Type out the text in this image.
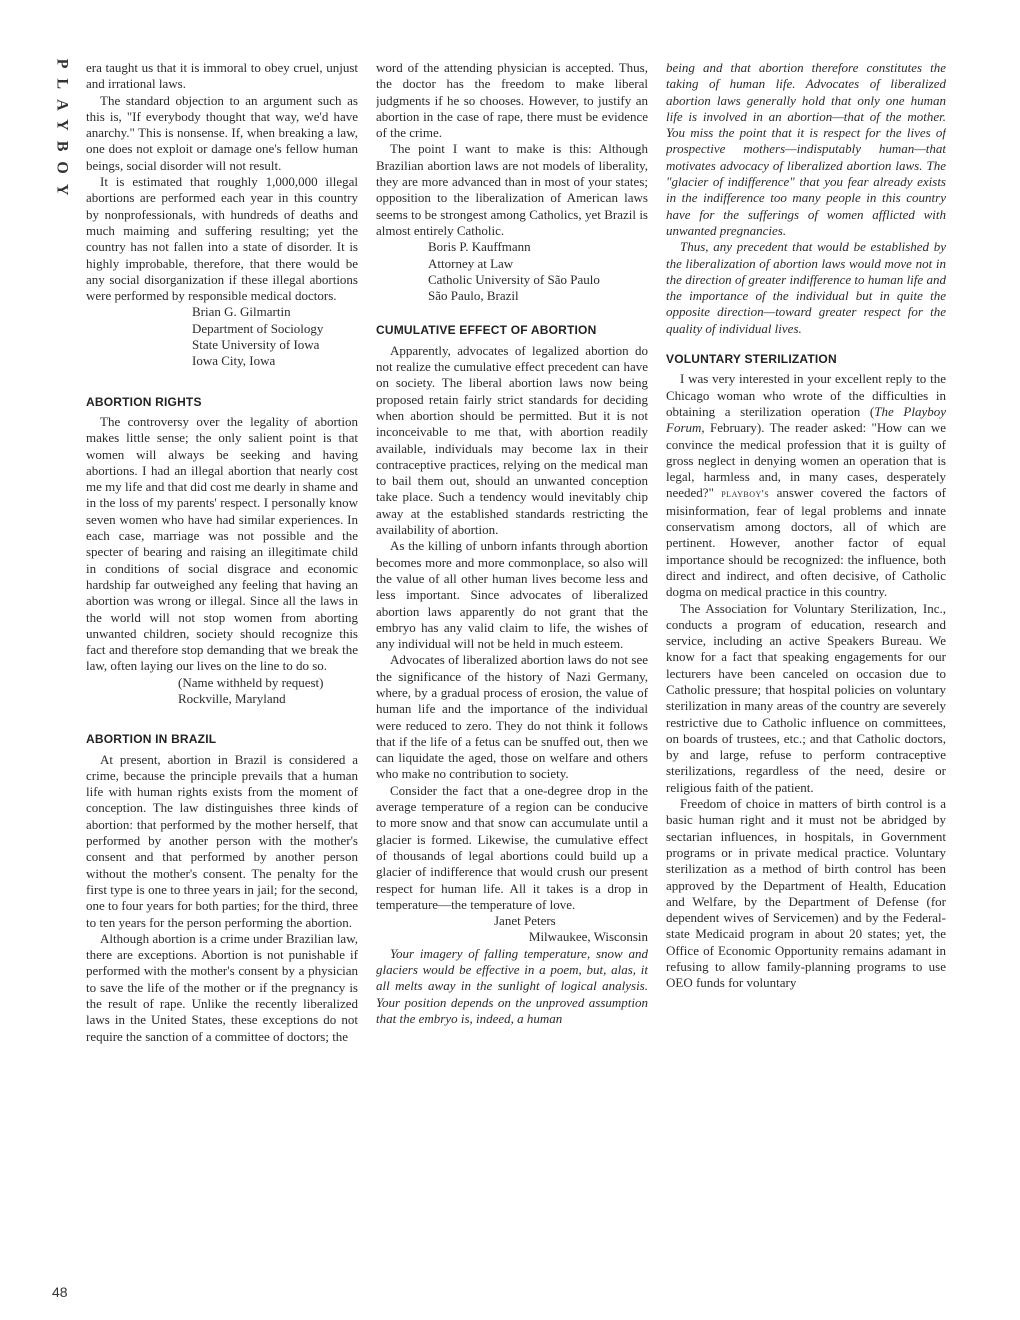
PLAYBOY
48

era taught us that it is immoral to obey cruel, unjust and irrational laws.

The standard objection to an argument such as this is, "If everybody thought that way, we'd have anarchy." This is nonsense. If, when breaking a law, one does not exploit or damage one's fellow human beings, social disorder will not result.

It is estimated that roughly 1,000,000 illegal abortions are performed each year in this country by nonprofessionals, with hundreds of deaths and much maiming and suffering resulting; yet the country has not fallen into a state of disorder. It is highly improbable, therefore, that there would be any social disorganization if these illegal abortions were performed by responsible medical doctors.

Brian G. Gilmartin
Department of Sociology
State University of Iowa
Iowa City, Iowa
ABORTION RIGHTS

The controversy over the legality of abortion makes little sense; the only salient point is that women will always be seeking and having abortions. I had an illegal abortion that nearly cost me my life and that did cost me dearly in shame and in the loss of my parents' respect. I personally know seven women who have had similar experiences. In each case, marriage was not possible and the specter of bearing and raising an illegitimate child in conditions of social disgrace and economic hardship far outweighed any feeling that having an abortion was wrong or illegal. Since all the laws in the world will not stop women from aborting unwanted children, society should recognize this fact and therefore stop demanding that we break the law, often laying our lives on the line to do so.

(Name withheld by request)
Rockville, Maryland
ABORTION IN BRAZIL

At present, abortion in Brazil is considered a crime, because the principle prevails that a human life with human rights exists from the moment of conception. The law distinguishes three kinds of abortion: that performed by the mother herself, that performed by another person with the mother's consent and that performed by another person without the mother's consent. The penalty for the first type is one to three years in jail; for the second, one to four years for both parties; for the third, three to ten years for the person performing the abortion.

Although abortion is a crime under Brazilian law, there are exceptions. Abortion is not punishable if performed with the mother's consent by a physician to save the life of the mother or if the pregnancy is the result of rape. Unlike the recently liberalized laws in the United States, these exceptions do not require the sanction of a committee of doctors; the

word of the attending physician is accepted. Thus, the doctor has the freedom to make liberal judgments if he so chooses. However, to justify an abortion in the case of rape, there must be evidence of the crime.

The point I want to make is this: Although Brazilian abortion laws are not models of liberality, they are more advanced than in most of your states; opposition to the liberalization of American laws seems to be strongest among Catholics, yet Brazil is almost entirely Catholic.

Boris P. Kauffmann
Attorney at Law
Catholic University of São Paulo
São Paulo, Brazil
CUMULATIVE EFFECT OF ABORTION

Apparently, advocates of legalized abortion do not realize the cumulative effect precedent can have on society. The liberal abortion laws now being proposed retain fairly strict standards for deciding when abortion should be permitted. But it is not inconceivable to me that, with abortion readily available, individuals may become lax in their contraceptive practices, relying on the medical man to bail them out, should an unwanted conception take place. Such a tendency would inevitably chip away at the established standards restricting the availability of abortion.

As the killing of unborn infants through abortion becomes more and more commonplace, so also will the value of all other human lives become less and less important. Since advocates of liberalized abortion laws apparently do not grant that the embryo has any valid claim to life, the wishes of any individual will not be held in much esteem.

Advocates of liberalized abortion laws do not see the significance of the history of Nazi Germany, where, by a gradual process of erosion, the value of human life and the importance of the individual were reduced to zero. They do not think it follows that if the life of a fetus can be snuffed out, then we can liquidate the aged, those on welfare and others who make no contribution to society.

Consider the fact that a one-degree drop in the average temperature of a region can be conducive to more snow and that snow can accumulate until a glacier is formed. Likewise, the cumulative effect of thousands of legal abortions could build up a glacier of indifference that would crush our present respect for human life. All it takes is a drop in temperature—the temperature of love.

Janet Peters
Milwaukee, Wisconsin

Your imagery of falling temperature, snow and glaciers would be effective in a poem, but, alas, it all melts away in the sunlight of logical analysis. Your position depends on the unproved assumption that the embryo is, indeed, a human

being and that abortion therefore constitutes the taking of human life. Advocates of liberalized abortion laws generally hold that only one human life is involved in an abortion—that of the mother. You miss the point that it is respect for the lives of prospective mothers—indisputably human—that motivates advocacy of liberalized abortion laws. The "glacier of indifference" that you fear already exists in the indifference too many people in this country have for the sufferings of women afflicted with unwanted pregnancies.

Thus, any precedent that would be established by the liberalization of abortion laws would move not in the direction of greater indifference to human life and the importance of the individual but in quite the opposite direction—toward greater respect for the quality of individual lives.

VOLUNTARY STERILIZATION

I was very interested in your excellent reply to the Chicago woman who wrote of the difficulties in obtaining a sterilization operation (The Playboy Forum, February). The reader asked: "How can we convince the medical profession that it is guilty of gross neglect in denying women an operation that is legal, harmless and, in many cases, desperately needed?" playboy's answer covered the factors of misinformation, fear of legal problems and innate conservatism among doctors, all of which are pertinent. However, another factor of equal importance should be recognized: the influence, both direct and indirect, and often decisive, of Catholic dogma on medical practice in this country.

The Association for Voluntary Sterilization, Inc., conducts a program of education, research and service, including an active Speakers Bureau. We know for a fact that speaking engagements for our lecturers have been canceled on occasion due to Catholic pressure; that hospital policies on voluntary sterilization in many areas of the country are severely restrictive due to Catholic influence on committees, on boards of trustees, etc.; and that Catholic doctors, by and large, refuse to perform contraceptive sterilizations, regardless of the need, desire or religious faith of the patient.

Freedom of choice in matters of birth control is a basic human right and it must not be abridged by sectarian influences, in hospitals, in Government programs or in private medical practice. Voluntary sterilization as a method of birth control has been approved by the Department of Health, Education and Welfare, by the Department of Defense (for dependent wives of Servicemen) and by the Federal-state Medicaid program in about 20 states; yet, the Office of Economic Opportunity remains adamant in refusing to allow family-planning programs to use OEO funds for voluntary
